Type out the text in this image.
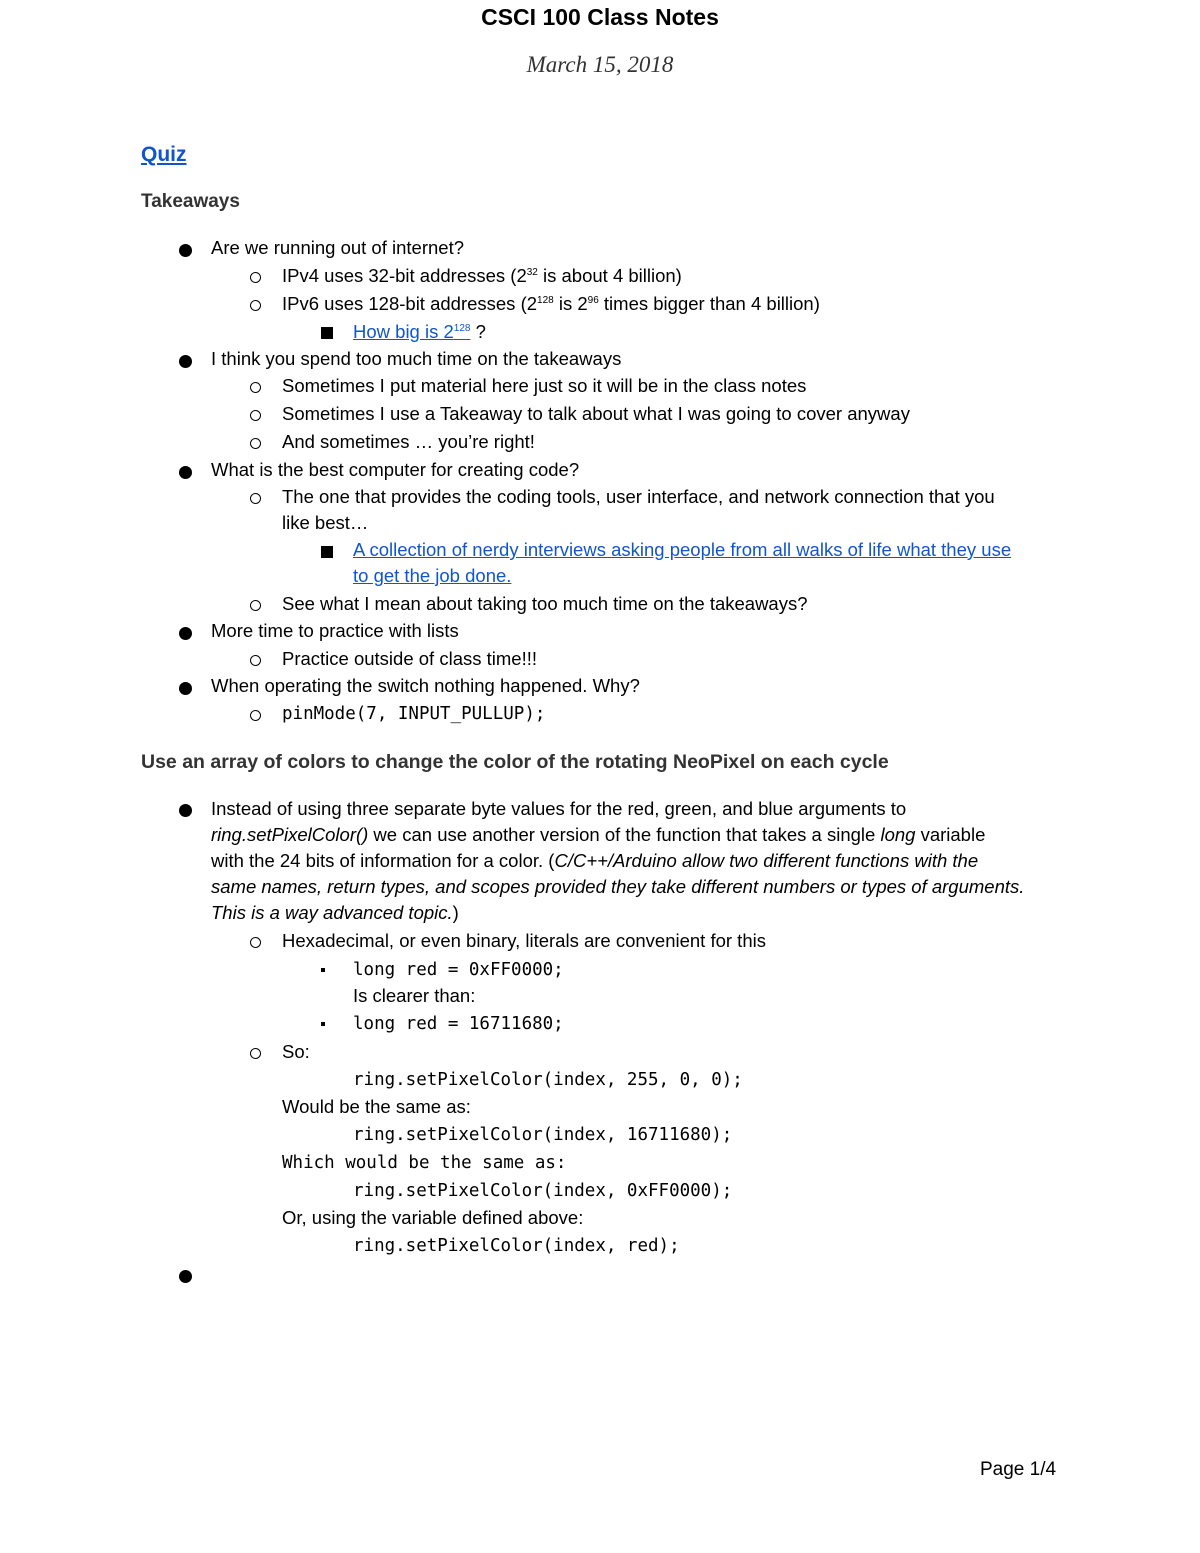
CSCI 100 Class Notes
March 15, 2018
Quiz
Takeaways
Are we running out of internet?
IPv4 uses 32-bit addresses ($2^{32}$ is about 4 billion)
IPv6 uses 128-bit addresses ($2^{128}$ is $2^{96}$ times bigger than 4 billion)
How big is $2^{128}$ ?
I think you spend too much time on the takeaways
Sometimes I put material here just so it will be in the class notes
Sometimes I use a Takeaway to talk about what I was going to cover anyway
And sometimes … you’re right!
What is the best computer for creating code?
The one that provides the coding tools, user interface, and network connection that you
like best…
A collection of nerdy interviews asking people from all walks of life what they use
to get the job done.
See what I mean about taking too much time on the takeaways?
More time to practice with lists
Practice outside of class time!!!
When operating the switch nothing happened. Why?
pinMode(7, INPUT_PULLUP);
Use an array of colors to change the color of the rotating NeoPixel on each cycle
Instead of using three separate byte values for the red, green, and blue arguments to
ring.setPixelColor() we can use another version of the function that takes a single long variable
with the 24 bits of information for a color. (C/C++/Arduino allow two different functions with the
same names, return types, and scopes provided they take different numbers or types of arguments.
This is a way advanced topic.)
Hexadecimal, or even binary, literals are convenient for this
long red = 0xFF0000;
Is clearer than:
long red = 16711680;
So:
ring.setPixelColor(index, 255, 0, 0);
Would be the same as:
ring.setPixelColor(index, 16711680);
Which would be the same as:
ring.setPixelColor(index, 0xFF0000);
Or, using the variable defined above:
ring.setPixelColor(index, red);
Page 1/4
